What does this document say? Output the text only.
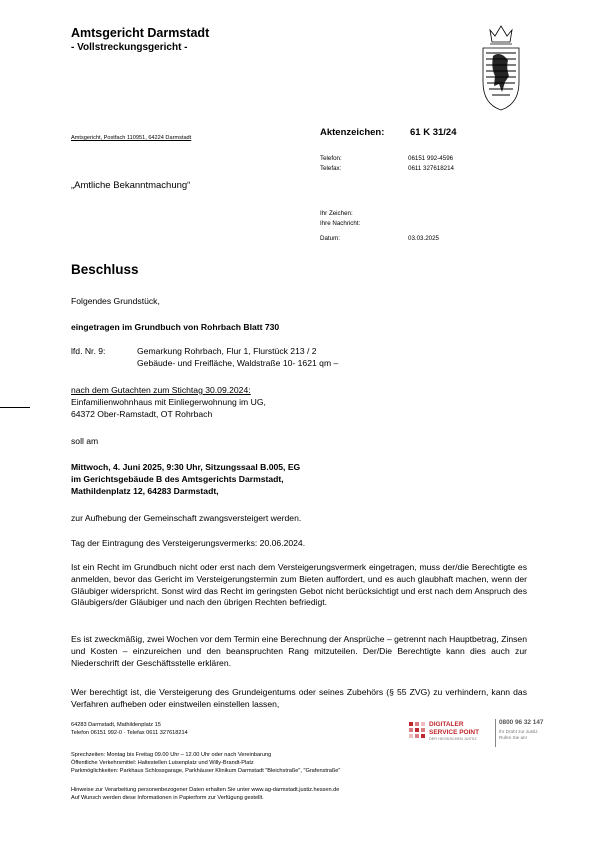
Amtsgericht Darmstadt
- Vollstreckungsgericht -
Amtsgericht, Postfach 110951, 64224 Darmstadt	Aktenzeichen:	61 K 31/24
Telefon:	06151 992-4596
Telefax:	0611 327618214
Ihr Zeichen:
Ihre Nachricht:
Datum:	03.03.2025
„Amtliche Bekanntmachung“
Beschluss
Folgendes Grundstück,
eingetragen im Grundbuch von Rohrbach Blatt 730
lfd. Nr. 9:	Gemarkung Rohrbach, Flur 1, Flurstück 213 / 2
Gebäude- und Freifläche, Waldstraße 10- 1621 qm –
nach dem Gutachten zum Stichtag 30.09.2024:
Einfamilienwohnhaus mit Einliegerwohnung im UG,
64372 Ober-Ramstadt, OT Rohrbach
soll am
Mittwoch, 4. Juni 2025, 9:30 Uhr, Sitzungssaal B.005, EG
im Gerichtsgebäude B des Amtsgerichts Darmstadt,
Mathildenplatz 12, 64283 Darmstadt,
zur Aufhebung der Gemeinschaft zwangsversteigert werden.
Tag der Eintragung des Versteigerungsvermerks: 20.06.2024.
Ist ein Recht im Grundbuch nicht oder erst nach dem Versteigerungsvermerk eingetragen, muss der/die Berechtigte es anmelden, bevor das Gericht im Versteigerungstermin zum Bieten auffordert, und es auch glaubhaft machen, wenn der Gläubiger widerspricht. Sonst wird das Recht im geringsten Gebot nicht berücksichtigt und erst nach dem Anspruch des Gläubigers/der Gläubiger und nach den übrigen Rechten befriedigt.
Es ist zweckmäßig, zwei Wochen vor dem Termin eine Berechnung der Ansprüche – getrennt nach Hauptbetrag, Zinsen und Kosten – einzureichen und den beanspruchten Rang mitzuteilen. Der/Die Berechtigte kann dies auch zur Niederschrift der Geschäftsstelle erklären.
Wer berechtigt ist, die Versteigerung des Grundeigentums oder seines Zubehörs (§ 55 ZVG) zu verhindern, kann das Verfahren aufheben oder einstweilen einstellen lassen,
64283 Darmstadt, Mathildenplatz 15
Telefon 06151 992-0 · Telefax 0611 327618214
DIGITALER
SERVICE POINT
DER HESSISCHEN JUSTIZ
0800 96 32 147
Ihr Draht zur Justiz.
Rufen Sie an!
Sprechzeiten: Montag bis Freitag 09.00 Uhr – 12.00 Uhr oder nach Vereinbarung
Öffentliche Verkehrsmittel: Haltestellen Luisenplatz und Willy-Brandt-Platz
Parkmöglichkeiten: Parkhaus Schlossgarage, Parkhäuser Klinikum Darmstadt "Bleichstraße", "Grafenstraße"
Hinweise zur Verarbeitung personenbezogener Daten erhalten Sie unter www.ag-darmstadt.justiz.hessen.de
Auf Wunsch werden diese Informationen in Papierform zur Verfügung gestellt.
